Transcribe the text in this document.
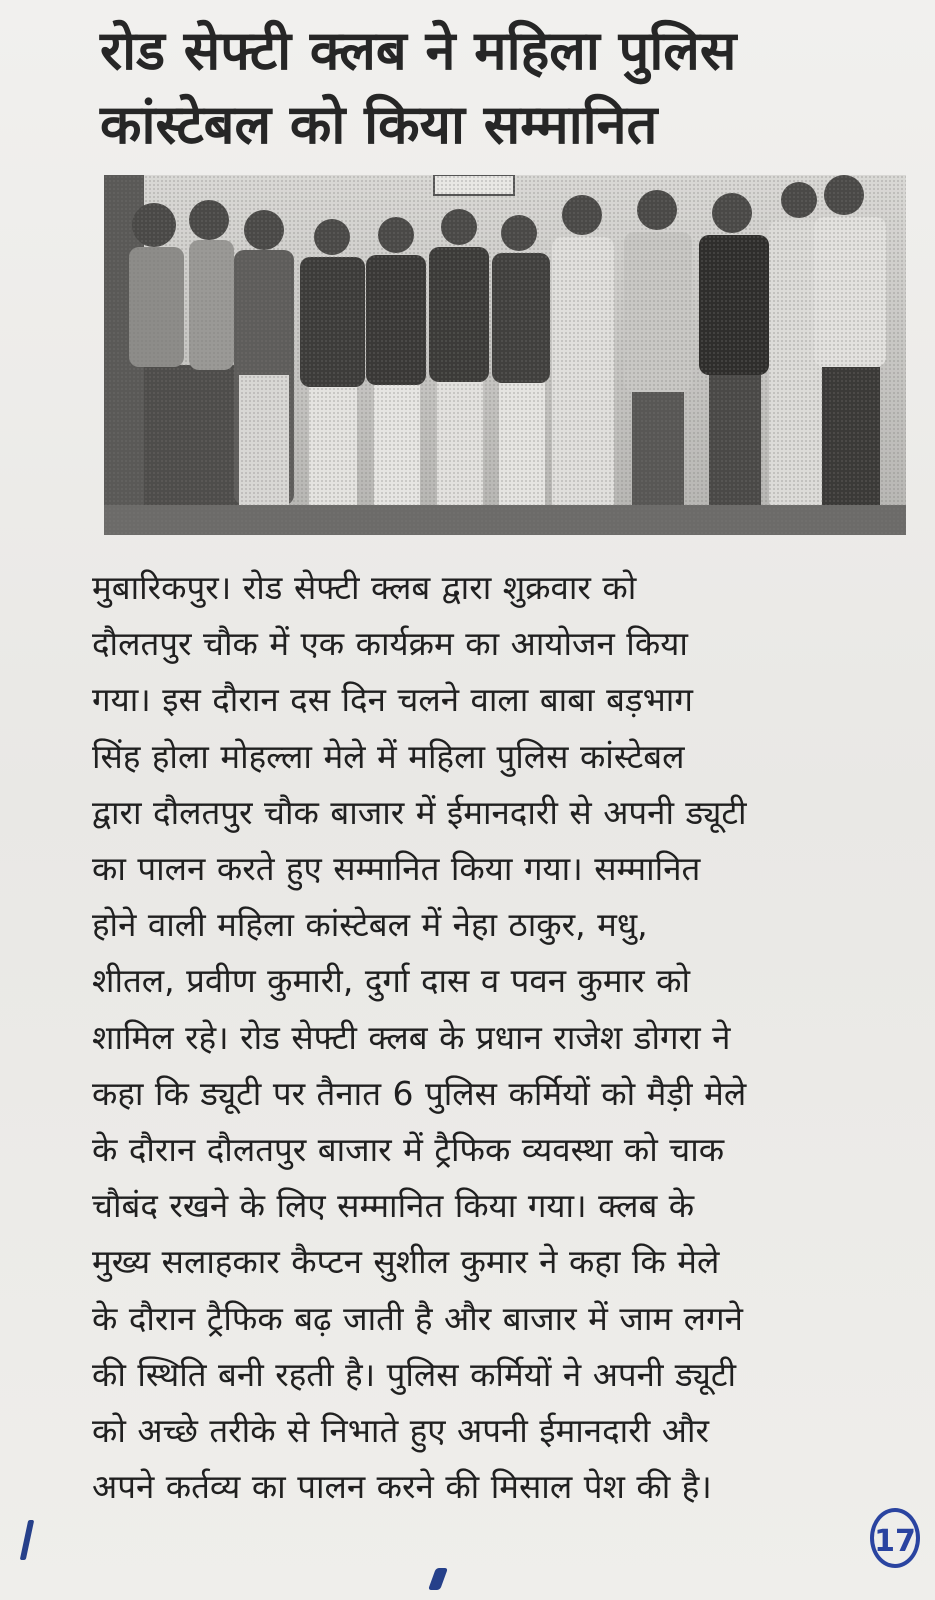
रोड सेफ्टी क्लब ने महिला पुलिस
कांस्टेबल को किया सम्मानित

मुबारिकपुर। रोड सेफ्टी क्लब द्वारा शुक्रवार को
दौलतपुर चौक में एक कार्यक्रम का आयोजन किया
गया। इस दौरान दस दिन चलने वाला बाबा बड़भाग
सिंह होला मोहल्ला मेले में महिला पुलिस कांस्टेबल
द्वारा दौलतपुर चौक बाजार में ईमानदारी से अपनी ड्यूटी
का पालन करते हुए सम्मानित किया गया। सम्मानित
होने वाली महिला कांस्टेबल में नेहा ठाकुर, मधु,
शीतल, प्रवीण कुमारी, दुर्गा दास व पवन कुमार को
शामिल रहे। रोड सेफ्टी क्लब के प्रधान राजेश डोगरा ने
कहा कि ड्यूटी पर तैनात 6 पुलिस कर्मियों को मैड़ी मेले
के दौरान दौलतपुर बाजार में ट्रैफिक व्यवस्था को चाक
चौबंद रखने के लिए सम्मानित किया गया। क्लब के
मुख्य सलाहकार कैप्टन सुशील कुमार ने कहा कि मेले
के दौरान ट्रैफिक बढ़ जाती है और बाजार में जाम लगने
की स्थिति बनी रहती है। पुलिस कर्मियों ने अपनी ड्यूटी
को अच्छे तरीके से निभाते हुए अपनी ईमानदारी और
अपने कर्तव्य का पालन करने की मिसाल पेश की है।

17
